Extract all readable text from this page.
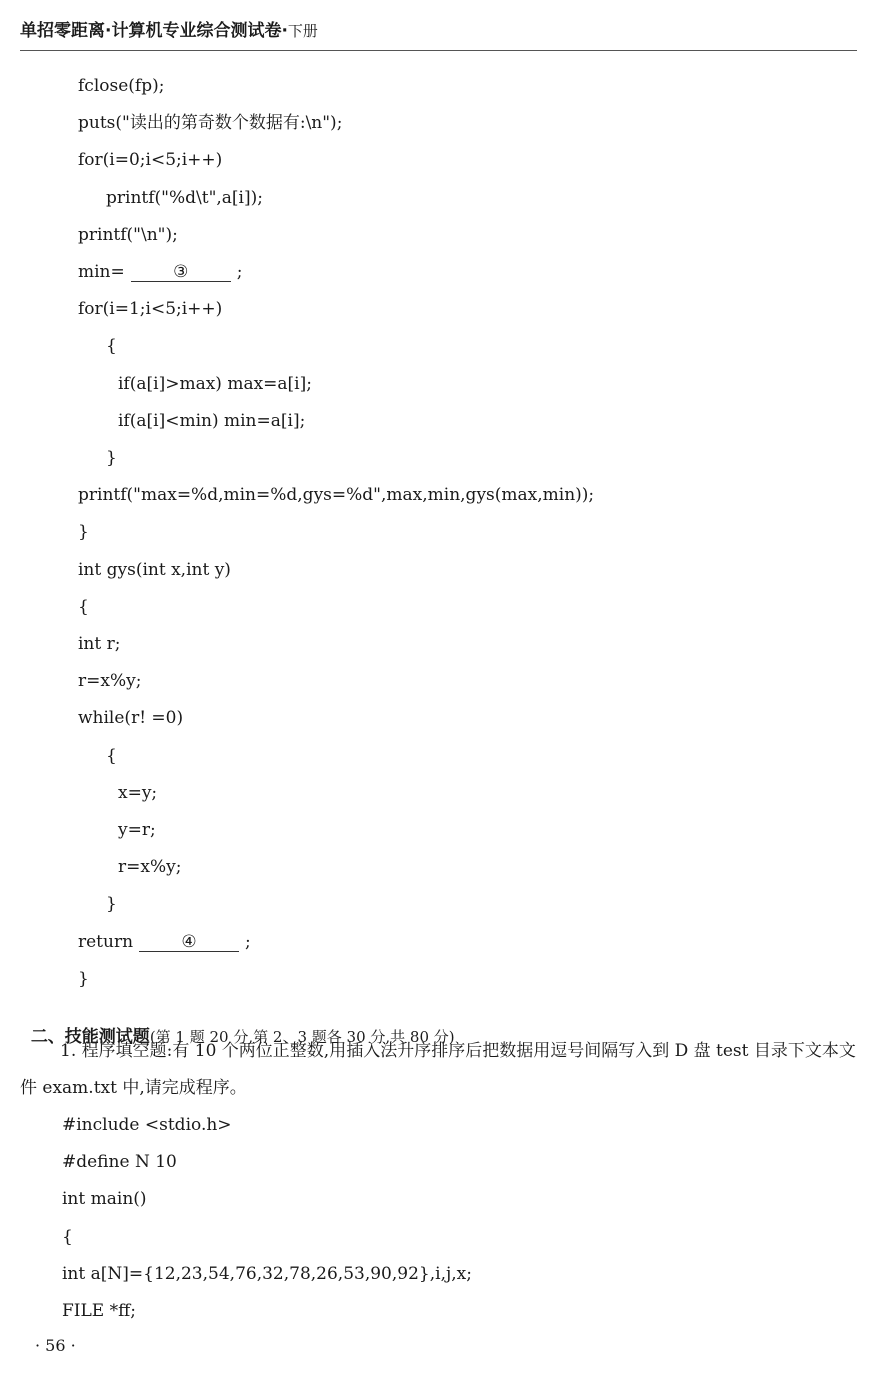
单招零距离·计算机专业综合测试卷·下册
fclose(fp);
puts("读出的第奇数个数据有:\n");
for(i=0;i<5;i++)
printf("%d\t",a[i]);
printf("\n");
min=	③	;
for(i=1;i<5;i++)
{
if(a[i]>max) max=a[i];
if(a[i]<min) min=a[i];
}
printf("max=%d,min=%d,gys=%d",max,min,gys(max,min));
}
int gys(int x,int y)
{
int r;
r=x%y;
while(r! =0)
{
x=y;
y=r;
r=x%y;
}
return	④	;
}

二、技能测试题(第 1 题 20 分,第 2、3 题各 30 分,共 80 分)

1. 程序填空题:有 10 个两位正整数,用插入法升序排序后把数据用逗号间隔写入到 D 盘 test 目录下文本文件 exam.txt 中,请完成程序。
#include <stdio.h>
#define N 10
int main()
{
int a[N]={12,23,54,76,32,78,26,53,90,92},i,j,x;
FILE *ff;
· 56 ·
